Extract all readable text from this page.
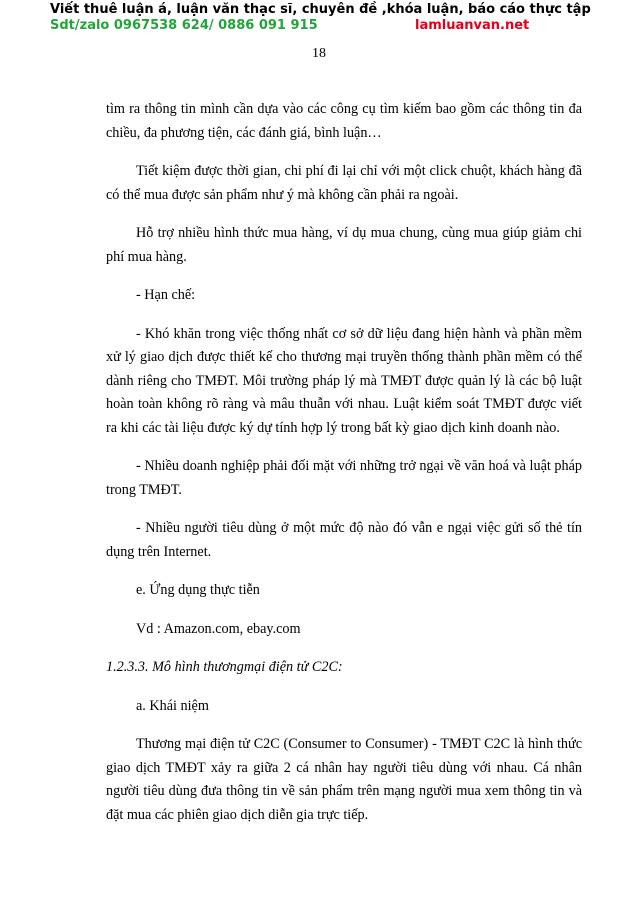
Viết thuê luận á, luận văn thạc sĩ, chuyên đề ,khóa luận, báo cáo thực tập
Sdt/zalo 0967538 624/ 0886 091 915	lamluanvan.net
18

tìm ra thông tin mình cần dựa vào các công cụ tìm kiếm bao gồm các thông tin đa chiều, đa phương tiện, các đánh giá, bình luận…

Tiết kiệm được thời gian, chi phí đi lại chỉ với một click chuột, khách hàng đã có thể mua được sản phẩm như ý mà không cần phải ra ngoài.

Hỗ trợ nhiều hình thức mua hàng, ví dụ mua chung, cùng mua giúp giảm chi phí mua hàng.

- Hạn chế:

- Khó khăn trong việc thống nhất cơ sở dữ liệu đang hiện hành và phần mềm xử lý giao dịch được thiết kế cho thương mại truyền thống thành phần mềm có thể dành riêng cho TMĐT. Môi trường pháp lý mà TMĐT được quản lý là các bộ luật hoàn toàn không rõ ràng và mâu thuẫn với nhau. Luật kiểm soát TMĐT được viết ra khi các tài liệu được ký dự tính hợp lý trong bất kỳ giao dịch kinh doanh nào.

- Nhiều doanh nghiệp phải đối mặt với những trở ngại về văn hoá và luật pháp trong TMĐT.

- Nhiều người tiêu dùng ở một mức độ nào đó vẫn e ngại việc gửi số thẻ tín dụng trên Internet.

e. Ứng dụng thực tiễn

Vd : Amazon.com, ebay.com

1.2.3.3. Mô hình thươngmại điện tử C2C:

a. Khái niệm

Thương mại điện tử C2C (Consumer to Consumer) - TMĐT C2C là hình thức giao dịch TMĐT xảy ra giữa 2 cá nhân hay người tiêu dùng với nhau. Cá nhân người tiêu dùng đưa thông tin về sản phẩm trên mạng người mua xem thông tin và đặt mua các phiên giao dịch diễn gia trực tiếp.
